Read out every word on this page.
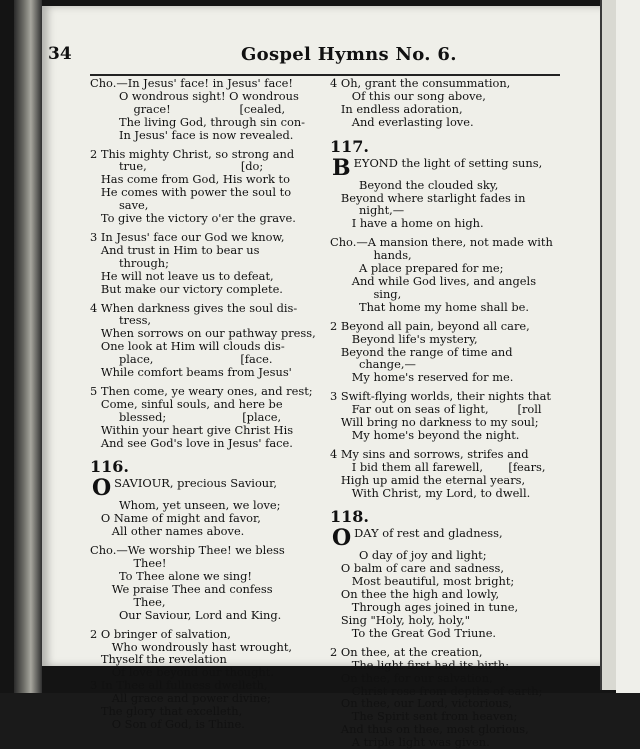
34	Gospel Hymns No. 6.
Cho.—In Jesus' face! in Jesus' face!
O wondrous sight! O wondrous
grace!                   [cealed,
The living God, through sin con-
In Jesus' face is now revealed.
2 This mighty Christ, so strong and
true,                          [do;
Has come from God, His work to
He comes with power the soul to
save,
To give the victory o'er the grave.
3 In Jesus' face our God we know,
And trust in Him to bear us
through;
He will not leave us to defeat,
But make our victory complete.
4 When darkness gives the soul dis-
tress,
When sorrows on our pathway press,
One look at Him will clouds dis-
place,                        [face.
While comfort beams from Jesus'
5 Then come, ye weary ones, and rest;
Come, sinful souls, and here be
blessed;                     [place,
Within your heart give Christ His
And see God's love in Jesus' face.
116.
OSAVIOUR, precious Saviour,
Whom, yet unseen, we love;
O Name of might and favor,
All other names above.
Cho.—We worship Thee! we bless
Thee!
To Thee alone we sing!
We praise Thee and confess
Thee,
Our Saviour, Lord and King.
2 O bringer of salvation,
Who wondrously hast wrought,
Thyself the revelation
Of love beyond our thought.
3 In Thee all fullness dwelleth,
All grace and power divine;
The glory that excelleth,
O Son of God, is Thine.
4 Oh, grant the consummation,
Of this our song above,
In endless adoration,
And everlasting love.
117.
BEYOND the light of setting suns,
Beyond the clouded sky,
Beyond where starlight fades in
night,—
I have a home on high.
Cho.—A mansion there, not made with
hands,
A place prepared for me;
And while God lives, and angels
sing,
That home my home shall be.
2 Beyond all pain, beyond all care,
Beyond life's mystery,
Beyond the range of time and
change,—
My home's reserved for me.
3 Swift-flying worlds, their nights that
Far out on seas of light,        [roll
Will bring no darkness to my soul;
My home's beyond the night.
4 My sins and sorrows, strifes and
I bid them all farewell,       [fears,
High up amid the eternal years,
With Christ, my Lord, to dwell.
118.
ODAY of rest and gladness,
O day of joy and light;
O balm of care and sadness,
Most beautiful, most bright;
On thee the high and lowly,
Through ages joined in tune,
Sing "Holy, holy, holy,"
To the Great God Triune.
2 On thee, at the creation,
The light first had its birth;
On thee, for our salvation,
Christ rose from depths of earth;
On thee, our Lord, victorious,
The Spirit sent from heaven;
And thus on thee, most glorious,
A triple light was given.
